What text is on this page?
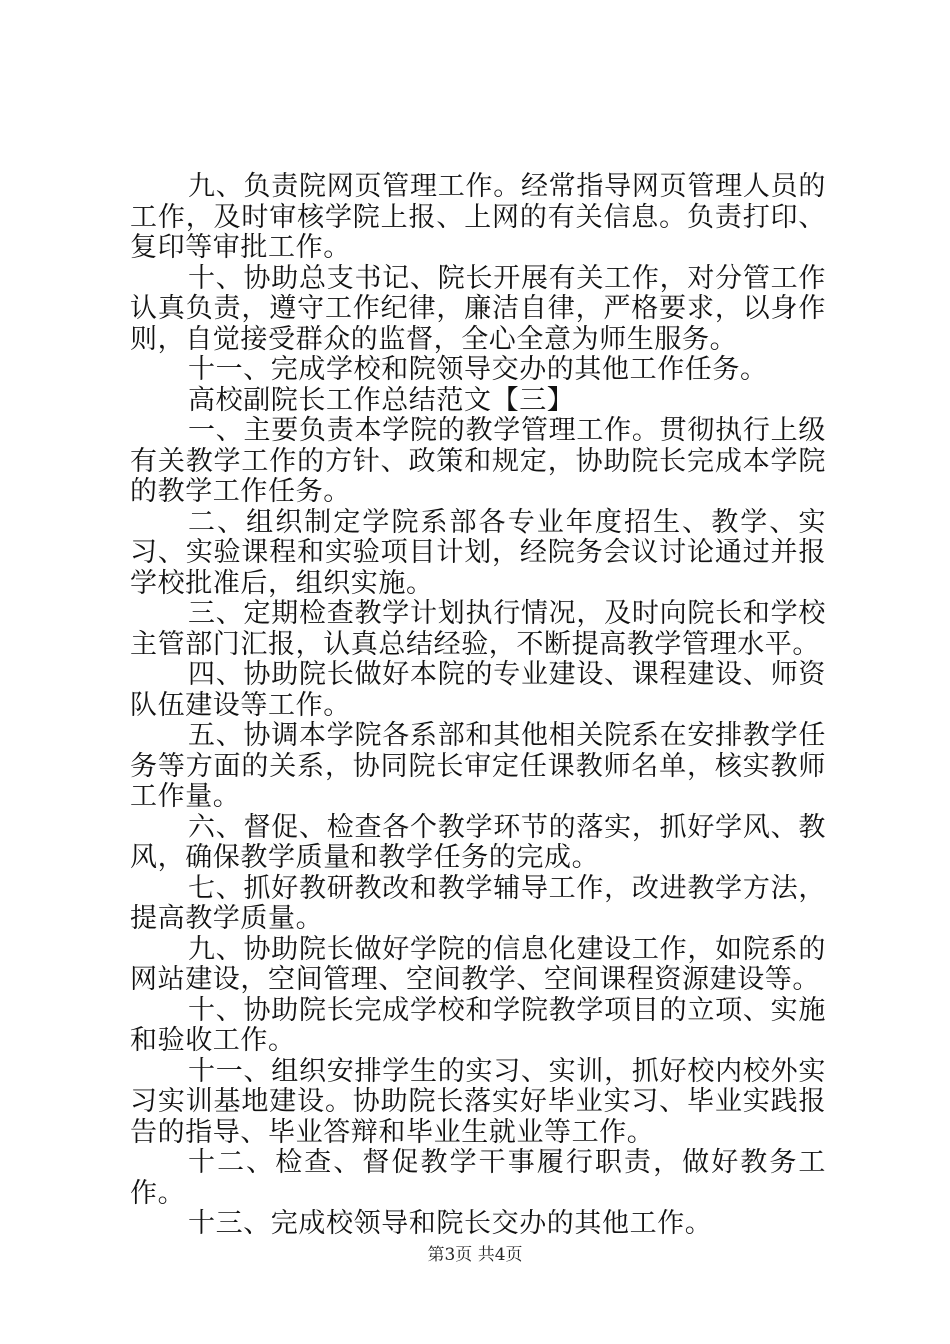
九、负责院网页管理工作。经常指导网页管理人员的工作，及时审核学院上报、上网的有关信息。负责打印、复印等审批工作。

十、协助总支书记、院长开展有关工作，对分管工作认真负责，遵守工作纪律，廉洁自律，严格要求，以身作则，自觉接受群众的监督，全心全意为师生服务。

十一、完成学校和院领导交办的其他工作任务。

高校副院长工作总结范文【三】

一、主要负责本学院的教学管理工作。贯彻执行上级有关教学工作的方针、政策和规定，协助院长完成本学院的教学工作任务。

二、组织制定学院系部各专业年度招生、教学、实习、实验课程和实验项目计划，经院务会议讨论通过并报学校批准后，组织实施。

三、定期检查教学计划执行情况，及时向院长和学校主管部门汇报，认真总结经验，不断提高教学管理水平。

四、协助院长做好本院的专业建设、课程建设、师资队伍建设等工作。

五、协调本学院各系部和其他相关院系在安排教学任务等方面的关系，协同院长审定任课教师名单，核实教师工作量。

六、督促、检查各个教学环节的落实，抓好学风、教风，确保教学质量和教学任务的完成。

七、抓好教研教改和教学辅导工作，改进教学方法，提高教学质量。

九、协助院长做好学院的信息化建设工作，如院系的网站建设，空间管理、空间教学、空间课程资源建设等。

十、协助院长完成学校和学院教学项目的立项、实施和验收工作。

十一、组织安排学生的实习、实训，抓好校内校外实习实训基地建设。协助院长落实好毕业实习、毕业实践报告的指导、毕业答辩和毕业生就业等工作。

十二、检查、督促教学干事履行职责，做好教务工作。

十三、完成校领导和院长交办的其他工作。

第3页 共4页
